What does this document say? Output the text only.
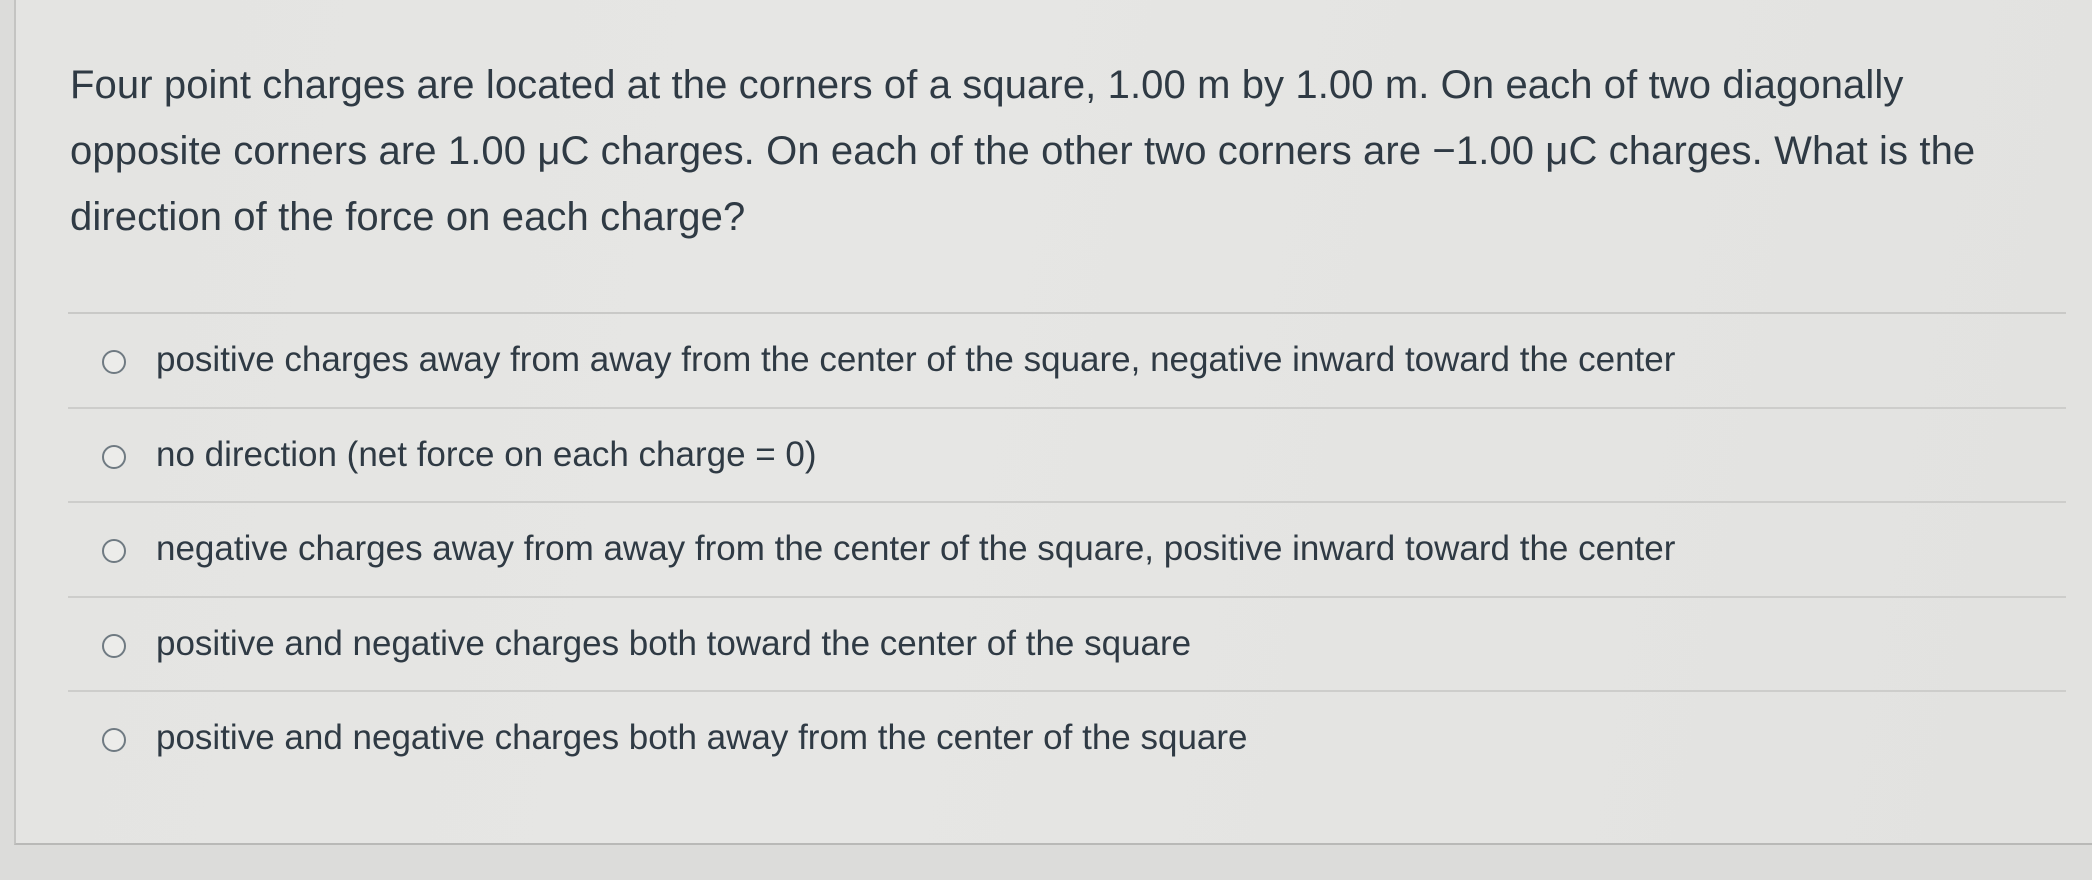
Four point charges are located at the corners of a square, 1.00 m by 1.00 m. On each of two diagonally opposite corners are 1.00 μC charges. On each of the other two corners are −1.00 μC charges. What is the direction of the force on each charge?

positive charges away from away from the center of the square, negative inward toward the center
no direction (net force on each charge = 0)
negative charges away from away from the center of the square, positive inward toward the center
positive and negative charges both toward the center of the square
positive and negative charges both away from the center of the square
